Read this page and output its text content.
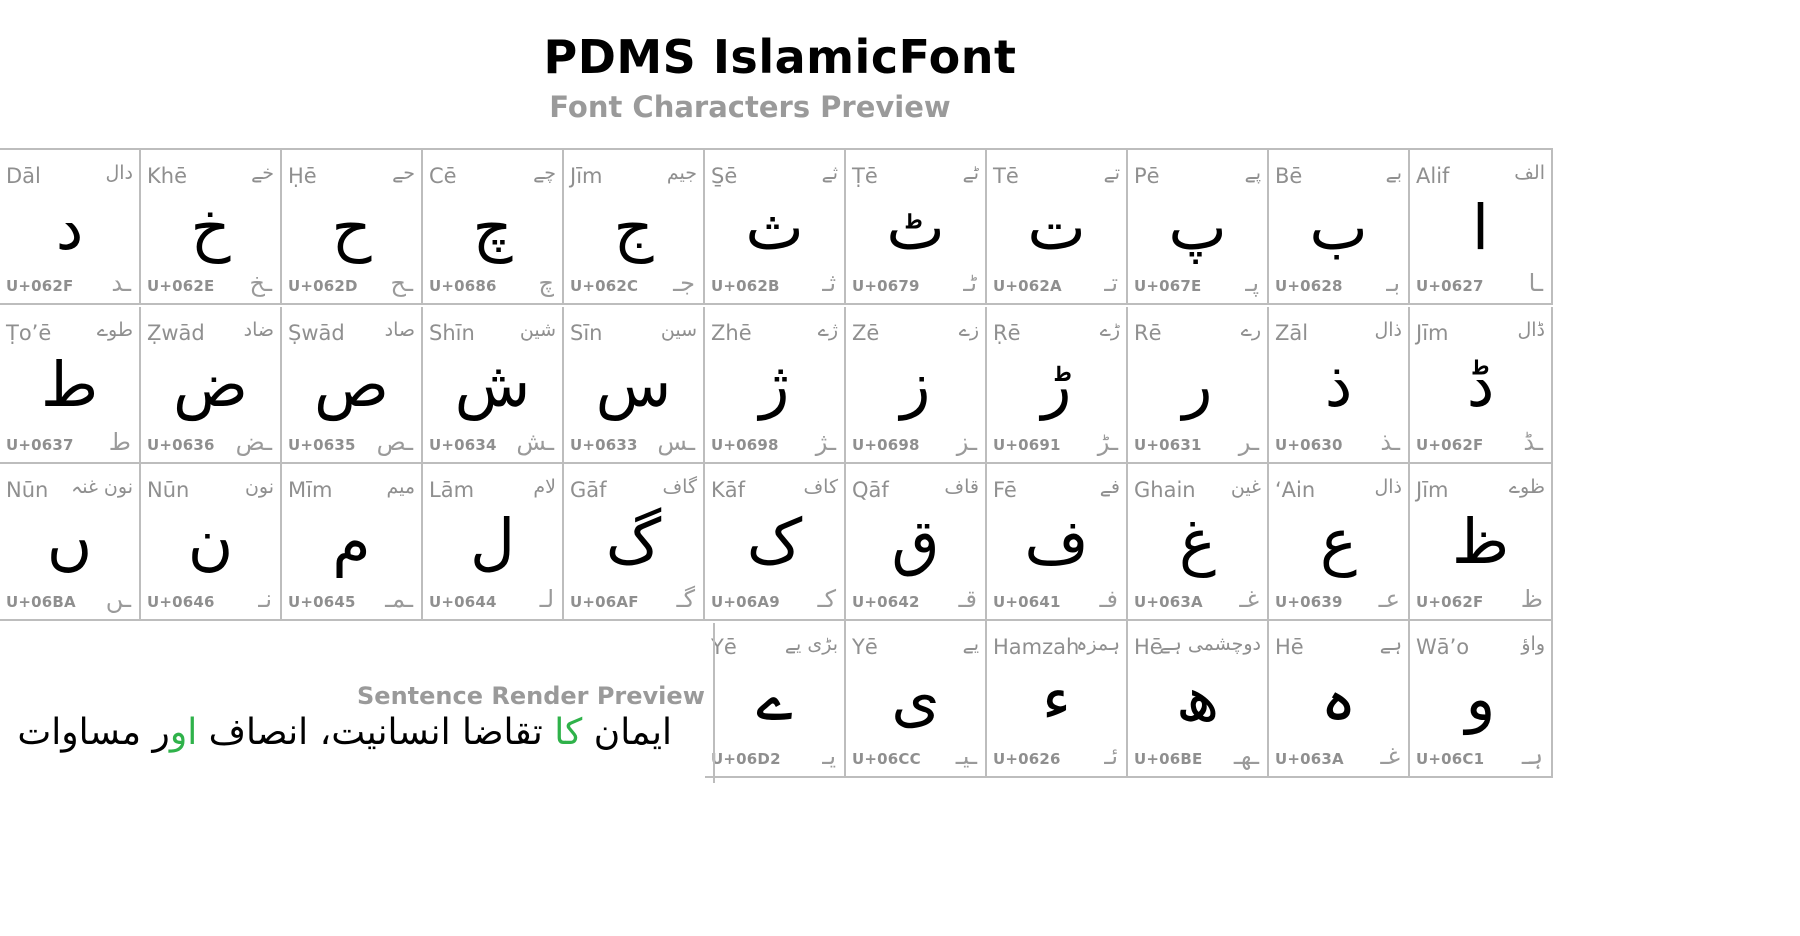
PDMS IslamicFont
Font Characters Preview
Dāl	دال
د
U+062F ـد
Khē	خے
خ
U+062E ـخ
Ḥē	حے
ح
U+062D ـح
Cē	چے
چ
U+0686 چ
Jīm	جیم
ج
U+062C جـ
S̱ē	ثے
ث
U+062B ثـ
Ṭē	ٹے
ٹ
U+0679 ٹـ
Tē	تے
ت
U+062A تـ
Pē	پے
پ
U+067E پـ
Bē	بے
ب
U+0628 بـ
Alif	الف
ا
U+0627 ـا
Ṭo’ē طوے
ط
U+0637 ط
Ẓwād ضاد
ض
U+0636 ـض
Ṣwād صاد
ص
U+0635 ـص
Shīn شین
ش
U+0634 ـش
Sīn	سین
س
U+0633 ـس
Zhē	ژے
ژ
U+0698 ـژ
Zē	زے
ز
U+0698 ـز
Ṛē	ڑے
ڑ
U+0691 ـڑ
Rē	رے
ر
U+0631 ـر
Zāl	ذال
ذ
U+0630 ـذ
Jīm	ڈال
ڈ
U+062F ـڈ
Nūn نون غنہ
ں
U+06BA ـں
Nūn	نون
ن
U+0646 نـ
Mīm	میم
م
U+0645 ـمـ
Lām	لام
ل
U+0644 لـ
Gāf	گاف
گ
U+06AF گـ
Kāf	کاف
ک
U+06A9 کـ
Qāf	قاف
ق
U+0642 قـ
Fē	فے
ف
U+0641 فـ
Ghain غین
غ
U+063A غـ
‘Ain	ذال
ع
U+0639 عـ
Jīm	ظوے
ظ
U+062F ظ
Yē	بڑی یے
ے
U+06D2 یـ
Yē	یے
ی
U+06CC ـیـ
Hamzah
ہمزہ
ء
U+0626 ئـ
Hē
دوچشمی ہے
ھ
U+06BE ـھـ
Hē	ہے
ہ
U+063A غـ
Wā’o	واؤ
و
U+06C1 ہـ
Sentence Render Preview
ایمان کا تقاضا انسانیت، انصاف اور مساوات
